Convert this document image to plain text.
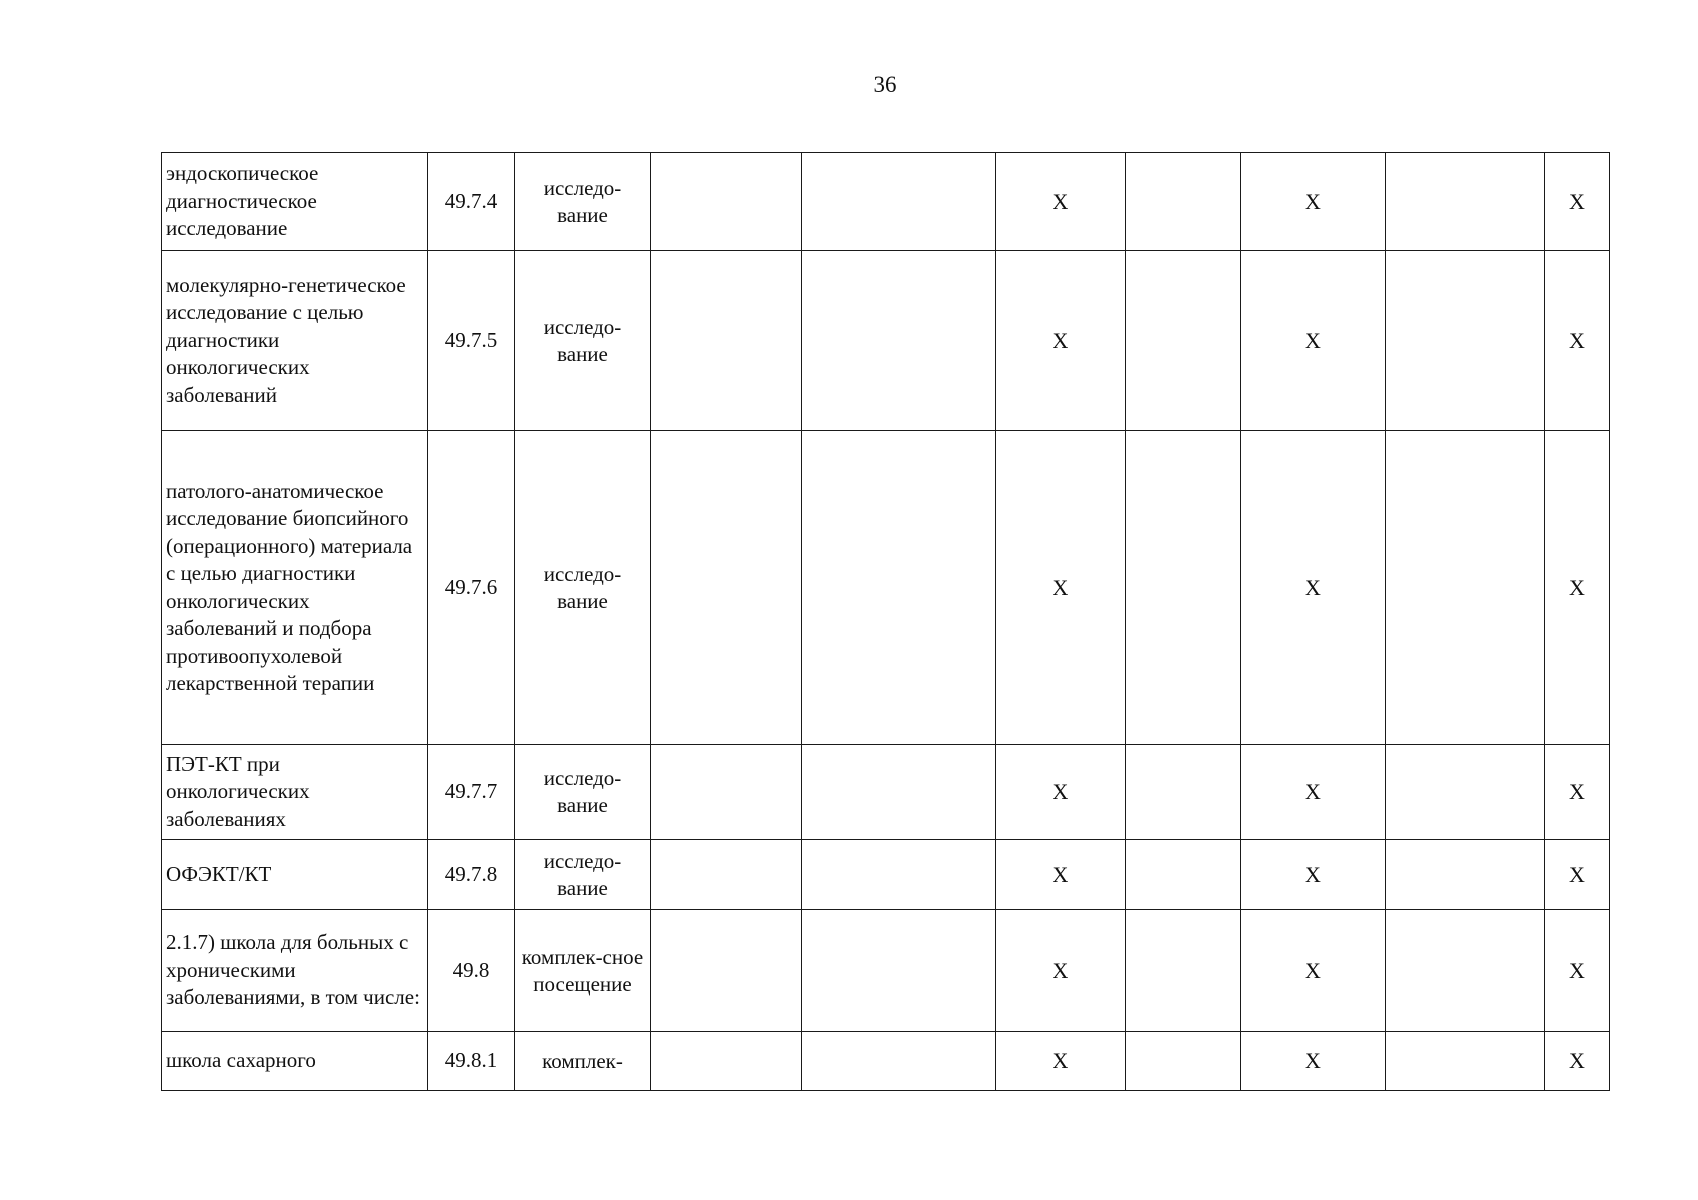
36
эндоскопическое диагностическое исследование	49.7.4	исследо-вание			X		X		X
молекулярно-генетическое исследование с целью диагностики онкологических заболеваний	49.7.5	исследо-вание			X		X		X
патолого-анатомическое исследование биопсийного (операционного) материала с целью диагностики онкологических заболеваний и подбора противоопухолевой лекарственной терапии	49.7.6	исследо-вание			X		X		X
ПЭТ-КТ при онкологических заболеваниях	49.7.7	исследо-вание			X		X		X
ОФЭКТ/КТ	49.7.8	исследо-вание			X		X		X
2.1.7) школа для больных с хроническими заболеваниями, в том числе:	49.8	комплек-сное посещение			X		X		X
школа сахарного	49.8.1	комплек-			X		X		X
